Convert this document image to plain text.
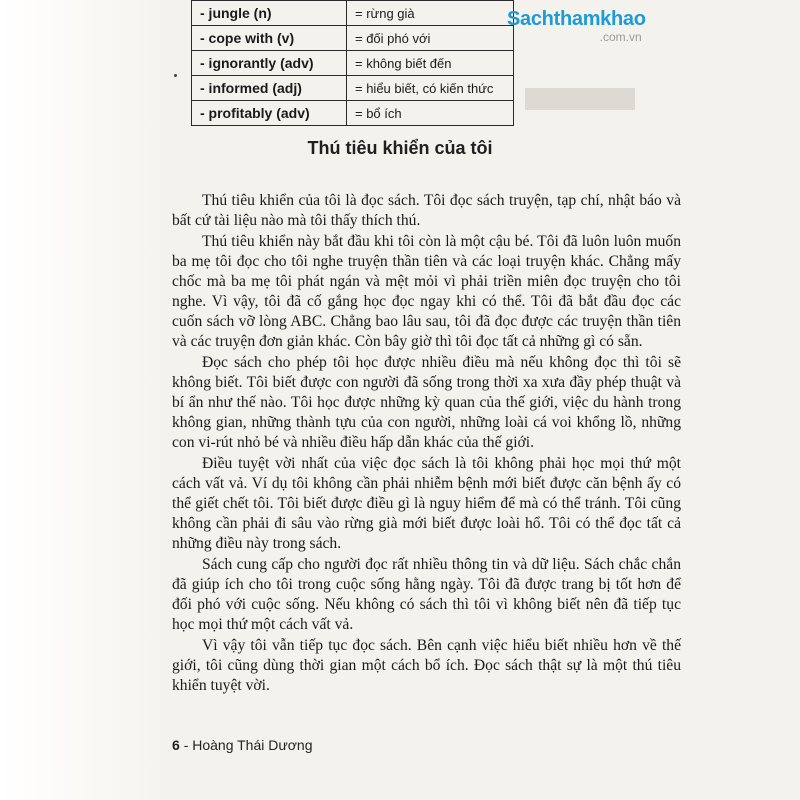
- jungle (n)	= rừng già
- cope with (v)	= đối phó với
- ignorantly (adv)	= không biết đến
- informed (adj)	= hiểu biết, có kiến thức
- profitably (adv)	= bổ ích
Sachthamkhao
.com.vn
Thú tiêu khiển của tôi

Thú tiêu khiển của tôi là đọc sách. Tôi đọc sách truyện, tạp chí, nhật báo và bất cứ tài liệu nào mà tôi thấy thích thú.

Thú tiêu khiển này bắt đầu khi tôi còn là một cậu bé. Tôi đã luôn luôn muốn ba mẹ tôi đọc cho tôi nghe truyện thần tiên và các loại truyện khác. Chẳng mấy chốc mà ba mẹ tôi phát ngán và mệt mỏi vì phải triền miên đọc truyện cho tôi nghe. Vì vậy, tôi đã cố gắng học đọc ngay khi có thể. Tôi đã bắt đầu đọc các cuốn sách vỡ lòng ABC. Chẳng bao lâu sau, tôi đã đọc được các truyện thần tiên và các truyện đơn giản khác. Còn bây giờ thì tôi đọc tất cả những gì có sẵn.

Đọc sách cho phép tôi học được nhiều điều mà nếu không đọc thì tôi sẽ không biết. Tôi biết được con người đã sống trong thời xa xưa đầy phép thuật và bí ẩn như thế nào. Tôi học được những kỳ quan của thế giới, việc du hành trong không gian, những thành tựu của con người, những loài cá voi khổng lồ, những con vi-rút nhỏ bé và nhiều điều hấp dẫn khác của thế giới.

Điều tuyệt vời nhất của việc đọc sách là tôi không phải học mọi thứ một cách vất vả. Ví dụ tôi không cần phải nhiễm bệnh mới biết được căn bệnh ấy có thể giết chết tôi. Tôi biết được điều gì là nguy hiểm để mà có thể tránh. Tôi cũng không cần phải đi sâu vào rừng già mới biết được loài hổ. Tôi có thể đọc tất cả những điều này trong sách.

Sách cung cấp cho người đọc rất nhiều thông tin và dữ liệu. Sách chắc chắn đã giúp ích cho tôi trong cuộc sống hằng ngày. Tôi đã được trang bị tốt hơn để đối phó với cuộc sống. Nếu không có sách thì tôi vì không biết nên đã tiếp tục học mọi thứ một cách vất vả.

Vì vậy tôi vẫn tiếp tục đọc sách. Bên cạnh việc hiểu biết nhiều hơn về thế giới, tôi cũng dùng thời gian một cách bổ ích. Đọc sách thật sự là một thú tiêu khiển tuyệt vời.

6 - Hoàng Thái Dương
